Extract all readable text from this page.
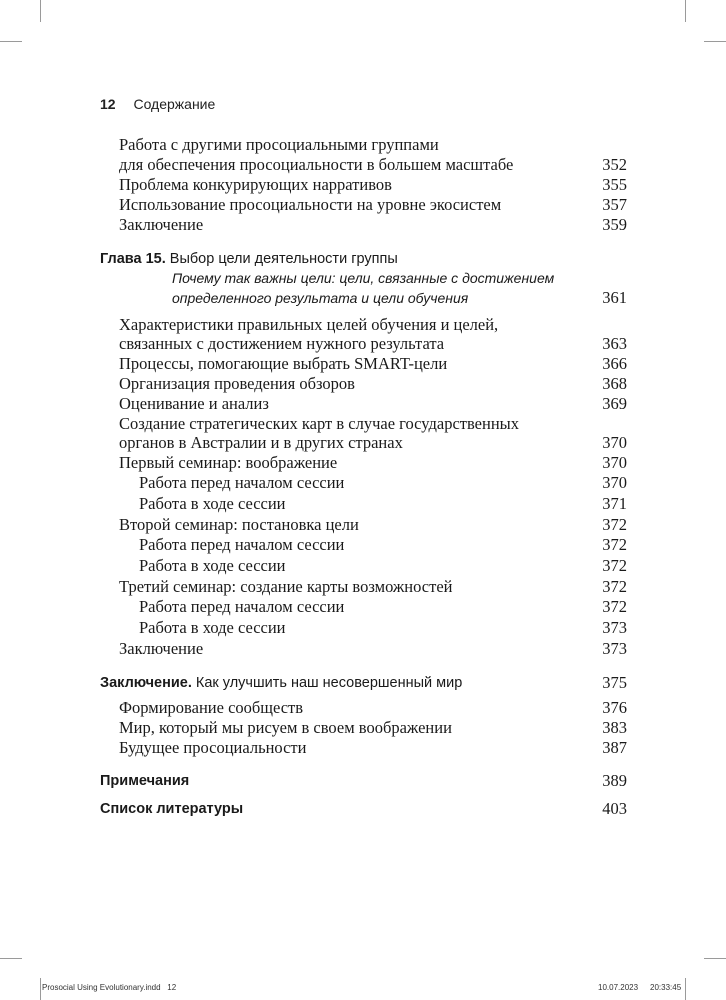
12 Содержание
Работа с другими просоциальными группами
для обеспечения просоциальности в большем масштабе	352
Проблема конкурирующих нарративов	355
Использование просоциальности на уровне экосистем	357
Заключение	359
Глава 15. Выбор цели деятельности группы
Почему так важны цели: цели, связанные с достижением
определенного результата и цели обучения	361
Характеристики правильных целей обучения и целей,
связанных с достижением нужного результата	363
Процессы, помогающие выбрать SMART-цели	366
Организация проведения обзоров	368
Оценивание и анализ	369
Создание стратегических карт в случае государственных
органов в Австралии и в других странах	370
Первый семинар: воображение	370
Работа перед началом сессии	370
Работа в ходе сессии	371
Второй семинар: постановка цели	372
Работа перед началом сессии	372
Работа в ходе сессии	372
Третий семинар: создание карты возможностей	372
Работа перед началом сессии	372
Работа в ходе сессии	373
Заключение	373
Заключение. Как улучшить наш несовершенный мир	375
Формирование сообществ	376
Мир, который мы рисуем в своем воображении	383
Будущее просоциальности	387
Примечания	389
Список литературы	403
Prosocial Using Evolutionary.indd   12	10.07.2023 20:33:45
